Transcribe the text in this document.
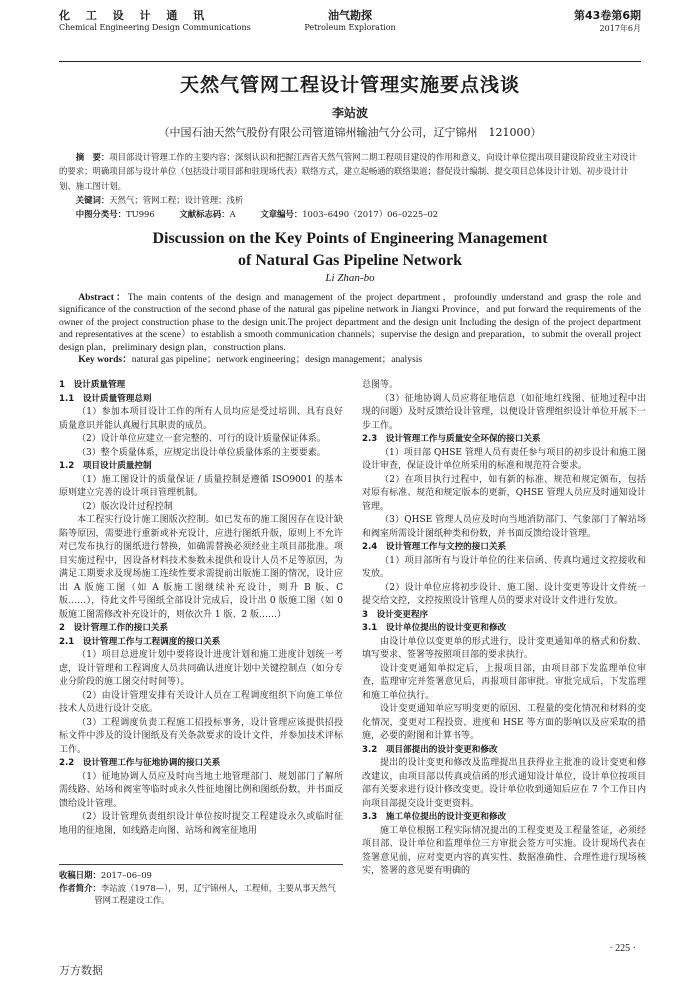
化 工 设 计 通 讯
Chemical Engineering Design Communications
油气勘探
Petroleum Exploration
第43卷第6期
2017年6月
天然气管网工程设计管理实施要点浅谈
李站波
（中国石油天然气股份有限公司管道锦州输油气分公司，辽宁锦州　121000）
摘　要：项目部设计管理工作的主要内容；深刻认识和把握江西省天然气管网二期工程项目建设的作用和意义，向设计单位提出项目建设阶段业主对设计的要求；明确项目部与设计单位（包括设计项目部和驻现场代表）联络方式，建立起畅通的联络渠道；督促设计编制、提交项目总体设计计划、初步设计计划、施工图计划。
关键词：天然气；管网工程；设计管理；浅析
中图分类号：TU996	文献标志码：A	文章编号：1003–6490（2017）06–0225–02
Discussion on the Key Points of Engineering Management
of Natural Gas Pipeline Network
Li Zhan-bo
Abstract：The main contents of the design and management of the project department，profoundly understand and grasp the role and significance of the construction of the second phase of the natural gas pipeline network in Jiangxi Province，and put forward the requirements of the owner of the project construction phase to the design unit.The project department and the design unit Including the design of the project department and representatives at the scene）to establish a smooth communication channels；supervise the design and preparation，to submit the overall project design plan，preliminary design plan，construction plans.
Key words：natural gas pipeline；network engineering；design management；analysis
1　设计质量管理
1.1　设计质量管理总则

（1）参加本项目设计工作的所有人员均应是受过培训、具有良好质量意识并能认真履行其职责的成员。

（2）设计单位应建立一套完整的、可行的设计质量保证体系。

（3）整个质量体系，应规定出设计单位质量体系的主要要素。

1.2　项目设计质量控制

（1）施工图设计的质量保证 / 质量控制是遵循 ISO9001 的基本原则建立完善的设计项目管理机制。

（2）版次设计过程控制

本工程实行设计施工图版次控制。如已发布的施工图因存在设计缺陷等原因，需要进行重新或补充设计，应进行图纸升版，原则上不允许对已发布执行的图纸进行替换，如确需替换必须经业主项目部批准。项目实施过程中，因设备材料技术参数未提供和设计人员不足等原因，为满足工期要求及现场施工连续性要求需提前出版施工图的情况，设计应出 A 版施工图（如 A 版施工图继续补充设计，则升 B 版、C 版……），待此文件号图纸全部设计完成后，设计出 0 版施工图（如 0 版施工图需修改补充设计的，则依次升 1 版、2 版……）

2　设计管理工作的接口关系
2.1　设计管理工作与工程调度的接口关系

（1）项目总进度计划中要将设计进度计划和施工进度计划统一考虑，设计管理和工程调度人员共同确认进度计划中关键控制点（如分专业分阶段的施工图交付时间等）。

（2）由设计管理安排有关设计人员在工程调度组织下向施工单位技术人员进行设计交底。

（3）工程调度负责工程施工招投标事务，设计管理应该提供招投标文件中涉及的设计图纸及有关条款要求的设计文件，并参加技术评标工作。

2.2　设计管理工作与征地协调的接口关系

（1）征地协调人员应及时向当地土地管理部门、规划部门了解所需线路、站场和阀室等临时或永久性征地图比例和图纸份数，并书面反馈给设计管理。

（2）设计管理负责组织设计单位按时提交工程建设永久或临时征地用的征地图，如线路走向图、站场和阀室征地用

总图等。

（3）征地协调人员应将征地信息（如征地红线图、征地过程中出现的问题）及时反馈给设计管理，以便设计管理组织设计单位开展下一步工作。

2.3　设计管理工作与质量安全环保的接口关系

（1）项目部 QHSE 管理人员有责任参与项目的初步设计和施工图设计审查，保证设计单位所采用的标准和规范符合要求。

（2）在项目执行过程中，如有新的标准、规范和规定颁布，包括对原有标准、规范和规定版本的更新，QHSE 管理人员应及时通知设计管理。

（3）QHSE 管理人员应及时向当地消防部门、气象部门了解站场和阀室所需设计图纸种类和份数，并书面反馈给设计管理。

2.4　设计管理工作与文控的接口关系

（1）项目部所有与设计单位的往来信函、传真均通过文控接收和发放。

（2）设计单位应将初步设计、施工图、设计变更等设计文件统一提交给文控，文控按照设计管理人员的要求对设计文件进行发放。

3　设计变更程序
3.1　设计单位提出的设计变更和修改

由设计单位以变更单的形式进行，设计变更通知单的格式和份数、填写要求、签署等按照项目部的要求执行。

设计变更通知单拟定后，上报项目部，由项目部下发监理单位审查，监理审完并签署意见后，再报项目部审批。审批完成后，下发监理和施工单位执行。

设计变更通知单应写明变更的原因、工程量的变化情况和材料的变化情况，变更对工程投资、进度和 HSE 等方面的影响以及应采取的措施，必要的附图和计算书等。

3.2　项目部提出的设计变更和修改

提出的设计变更和修改及监理提出且获得业主批准的设计变更和修改建议，由项目部以传真或信函的形式通知设计单位，设计单位按项目部有关要求进行设计修改变更。设计单位收到通知后应在 7 个工作日内向项目部提交设计变更资料。

3.3　施工单位提出的设计变更和修改

施工单位根据工程实际情况提出的工程变更及工程量签证，必须经项目部、设计单位和监理单位三方审批会签方可实施。设计现场代表在签署意见前，应对变更内容的真实性、数据准确性、合理性进行现场核实，签署的意见要有明确的

收稿日期：2017–06–09
作者简介：李站波（1978—），男，辽宁锦州人，工程师，主要从事天然气管网工程建设工作。
· 225 ·
万方数据
